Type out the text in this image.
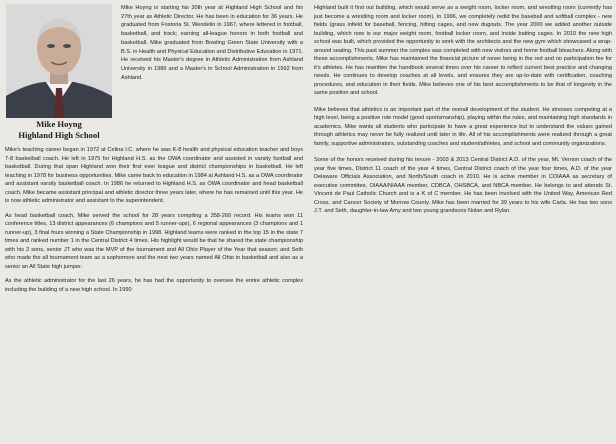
Mike Hoyng
Highland High School

Mike Hoyng is starting his 30th year at Highland High School and his 27th year as Athletic Director. He has been in education for 36 years. He graduated from Fostoria St. Wendelin in 1967, where lettered in football, basketball, and track; earning all-league honors in both football and basketball. Mike graduated from Bowling Green State University with a B.S. in Health and Physical Education and Distributive Education in 1971. He received his Master's degree in Athletic Administration from Ashland University in 1986 and a Master's in School Administration in 1992 from Ashland.

Mike's teaching career began in 1972 at Celina I.C. where he was K-8 health and physical education teacher and boys 7-8 basketball coach. He left in 1975 for Highland H.S. as the OWA coordinator and assisted in varsity football and basketball. During that span Highland won their first ever league and district championships in basketball. He left teaching in 1978 for business opportunities. Mike came back to education in 1984 at Ashland H.S. as a OWA coordinator and assistant varsity basketball coach. In 1986 he returned to Highland H.S. as OWA coordinator and head basketball coach. Mike became assistant principal and athletic director three years later, where he has remained until this year. He is now athletic administrator and assistant to the superintendent.

As head basketball coach, Mike served the school for 28 years compiling a 358-260 record. His teams won 11 conference titles, 13 district appearances (6 champions and 5 runner-ups), 6 regional appearances (3 champions and 1 runner-up), 3 final fours winning a State Championship in 1998. Highland teams were ranked in the top 15 in the state 7 times and ranked number 1 in the Central District 4 times. His highlight would be that he shared the state championship with his 2 sons, senior JT who was the MVP of the tournament and All Ohio Player of the Year that season; and Seth who made the all tournament team as a sophomore and the next two years named All Ohio in basketball and also as a senior an All State high jumper.

As the athletic administrator for the last 26 years, he has had the opportunity to oversee the entire athletic complex including the building of a new high school. In 1990

Highland built it first out building, which would serve as a weight room, locker room, and wrestling room (currently has just become a wrestling room and locker room). In 1996, we completely redid the baseball and softball complex - new fields (grass infield for baseball, fencing, hitting cages, and new dugouts. The year 2000 we added another outside building, which now is our major weight room, football locker room, and inside batting cages. In 2010 the new high school was built, which provided the opportunity to work with the architects and the new gym which showcased a wrap-around seating. This past summer the complex was completed with new visitors and home football bleachers. Along with these accomplishments, Mike has maintained the financial picture of never being in the red and no participation fee for it's athletes. He has rewritten the handbook several times over his career to reflect current best practice and changing needs. He continues to develop coaches at all levels, and ensures they are up-to-date with certification, coaching procedures, and education in their fields. Mike believes one of his best accomplishments to be that of longevity in the same position and school.

Mike believes that athletics is an important part of the overall development of the student. He stresses competing at a high level, being a positive role model (good sportsmanship), playing within the rules, and maintaining high standards in academics. Mike wants all students who participate to have a great experience but to understand the values gained through athletics may never be fully realized until later in life. All of his accomplishments were realized through a great family, supportive administrators, outstanding coaches and student/athletes, and school and community organizations.

Some of the honors received during his tenure - 2003 & 2013 Central District A.D. of the year, Mt. Vernon coach of the year five times, District 11 coach of the year 4 times, Central District coach of the year four times, A.D. of the year Delaware Officials Association, and North/South coach in 2010. He is active member in COIAAA as secretary of executive committee, OIAAA/NIAAA member, CDBCA, OHSBCA, and NBCA member. He belongs to and attends St. Vincent de Paul Catholic Church and is a K of C member. He has been involved with the United Way, American Red Cross, and Cancer Society of Morrow County. Mike has been married for 39 years to his wife Carla. He has two sons J.T. and Seth, daughter-in-law Amy and two young grandsons Nolan and Rylan.
